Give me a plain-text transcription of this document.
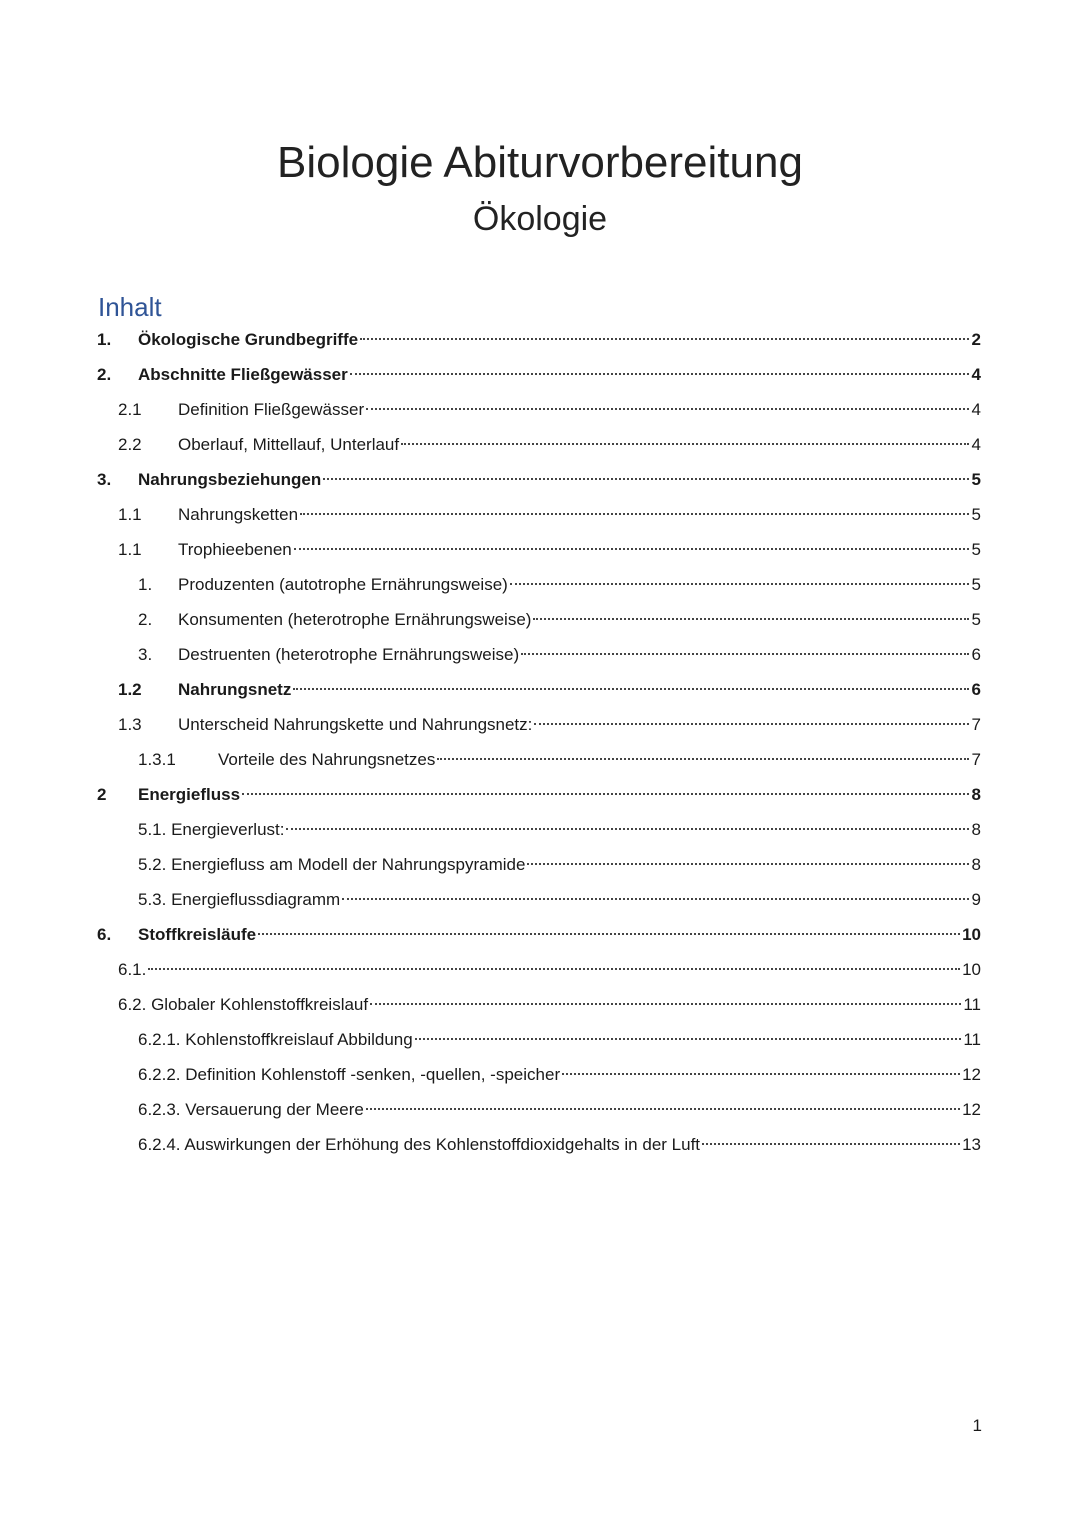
Biologie Abiturvorbereitung
Ökologie
Inhalt
1. Ökologische Grundbegriffe	2
2. Abschnitte Fließgewässer	4
2.1 Definition Fließgewässer	4
2.2 Oberlauf, Mittellauf, Unterlauf	4
3. Nahrungsbeziehungen	5
1.1 Nahrungsketten	5
1.1 Trophieebenen	5
1. Produzenten (autotrophe Ernährungsweise)	5
2. Konsumenten (heterotrophe Ernährungsweise)	5
3. Destruenten (heterotrophe Ernährungsweise)	6
1.2 Nahrungsnetz	6
1.3 Unterscheid Nahrungskette und Nahrungsnetz:	7
1.3.1 Vorteile des Nahrungsnetzes	7
2 Energiefluss	8
5.1. Energieverlust:	8
5.2. Energiefluss am Modell der Nahrungspyramide	8
5.3. Energieflussdiagramm	9
6. Stoffkreisläufe	10
6.1.	10
6.2. Globaler Kohlenstoffkreislauf	11
6.2.1. Kohlenstoffkreislauf Abbildung	11
6.2.2. Definition Kohlenstoff -senken, -quellen, -speicher	12
6.2.3. Versauerung der Meere	12
6.2.4. Auswirkungen der Erhöhung des Kohlenstoffdioxidgehalts in der Luft	13
1
